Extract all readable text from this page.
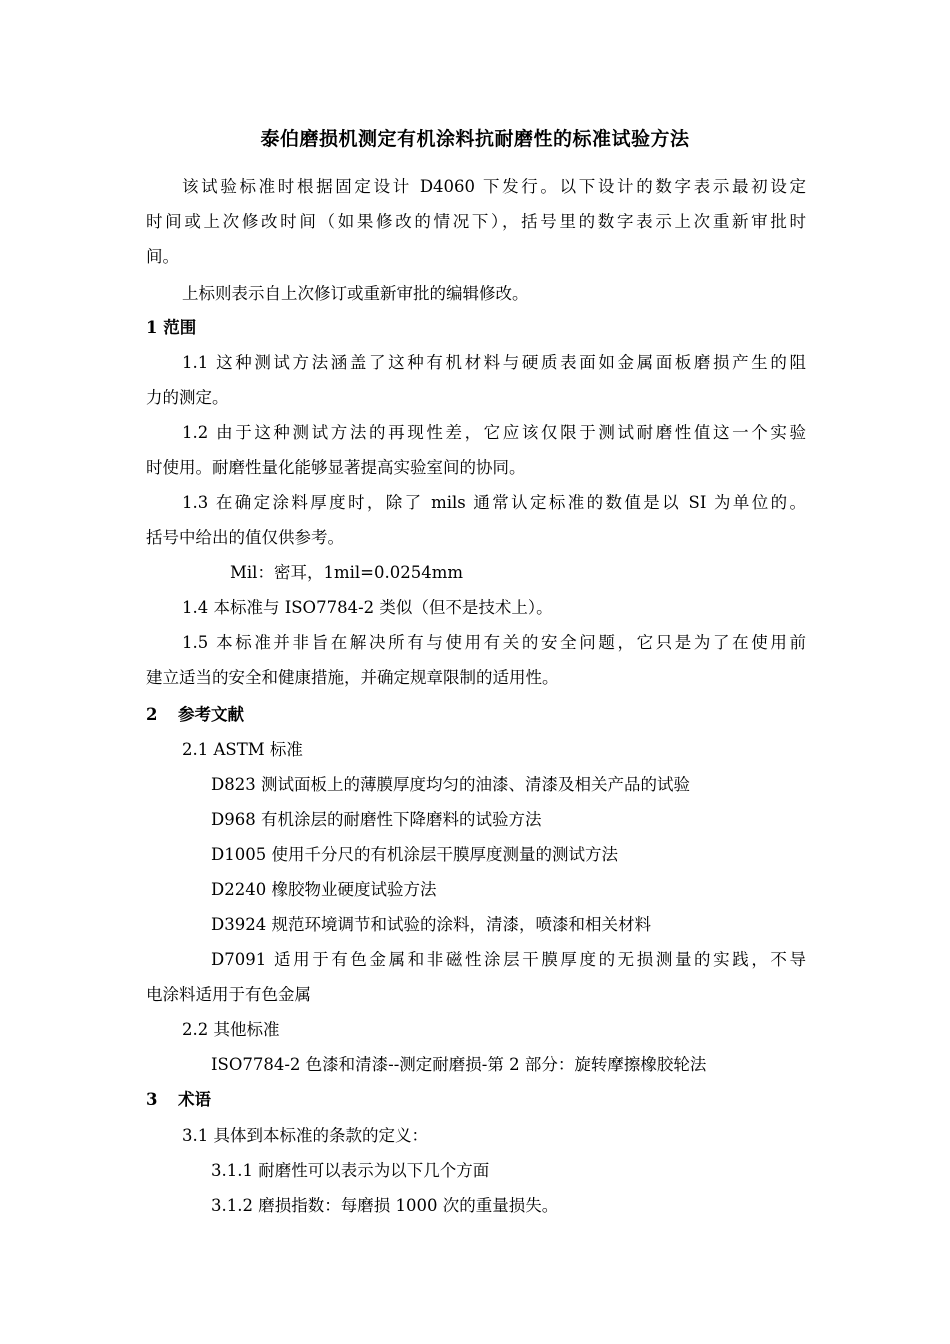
泰伯磨损机测定有机涂料抗耐磨性的标准试验方法
该试验标准时根据固定设计 D4060 下发行。以下设计的数字表示最初设定
时间或上次修改时间（如果修改的情况下），括号里的数字表示上次重新审批时
间。
上标则表示自上次修订或重新审批的编辑修改。
1 范围
1.1 这种测试方法涵盖了这种有机材料与硬质表面如金属面板磨损产生的阻
力的测定。
1.2 由于这种测试方法的再现性差，它应该仅限于测试耐磨性值这一个实验
时使用。耐磨性量化能够显著提高实验室间的协同。
1.3 在确定涂料厚度时，除了 mils 通常认定标准的数值是以 SI 为单位的。
括号中给出的值仅供参考。
Mil：密耳，1mil=0.0254mm
1.4 本标准与 ISO7784-2 类似（但不是技术上）。
1.5 本标准并非旨在解决所有与使用有关的安全问题，它只是为了在使用前
建立适当的安全和健康措施，并确定规章限制的适用性。
2 参考文献
2.1 ASTM 标准
D823 测试面板上的薄膜厚度均匀的油漆、清漆及相关产品的试验
D968 有机涂层的耐磨性下降磨料的试验方法
D1005 使用千分尺的有机涂层干膜厚度测量的测试方法
D2240 橡胶物业硬度试验方法
D3924 规范环境调节和试验的涂料，清漆，喷漆和相关材料
D7091 适用于有色金属和非磁性涂层干膜厚度的无损测量的实践，不导
电涂料适用于有色金属
2.2 其他标准
ISO7784-2 色漆和清漆--测定耐磨损-第 2 部分：旋转摩擦橡胶轮法
3 术语
3.1 具体到本标准的条款的定义：
3.1.1 耐磨性可以表示为以下几个方面
3.1.2 磨损指数：每磨损 1000 次的重量损失。
